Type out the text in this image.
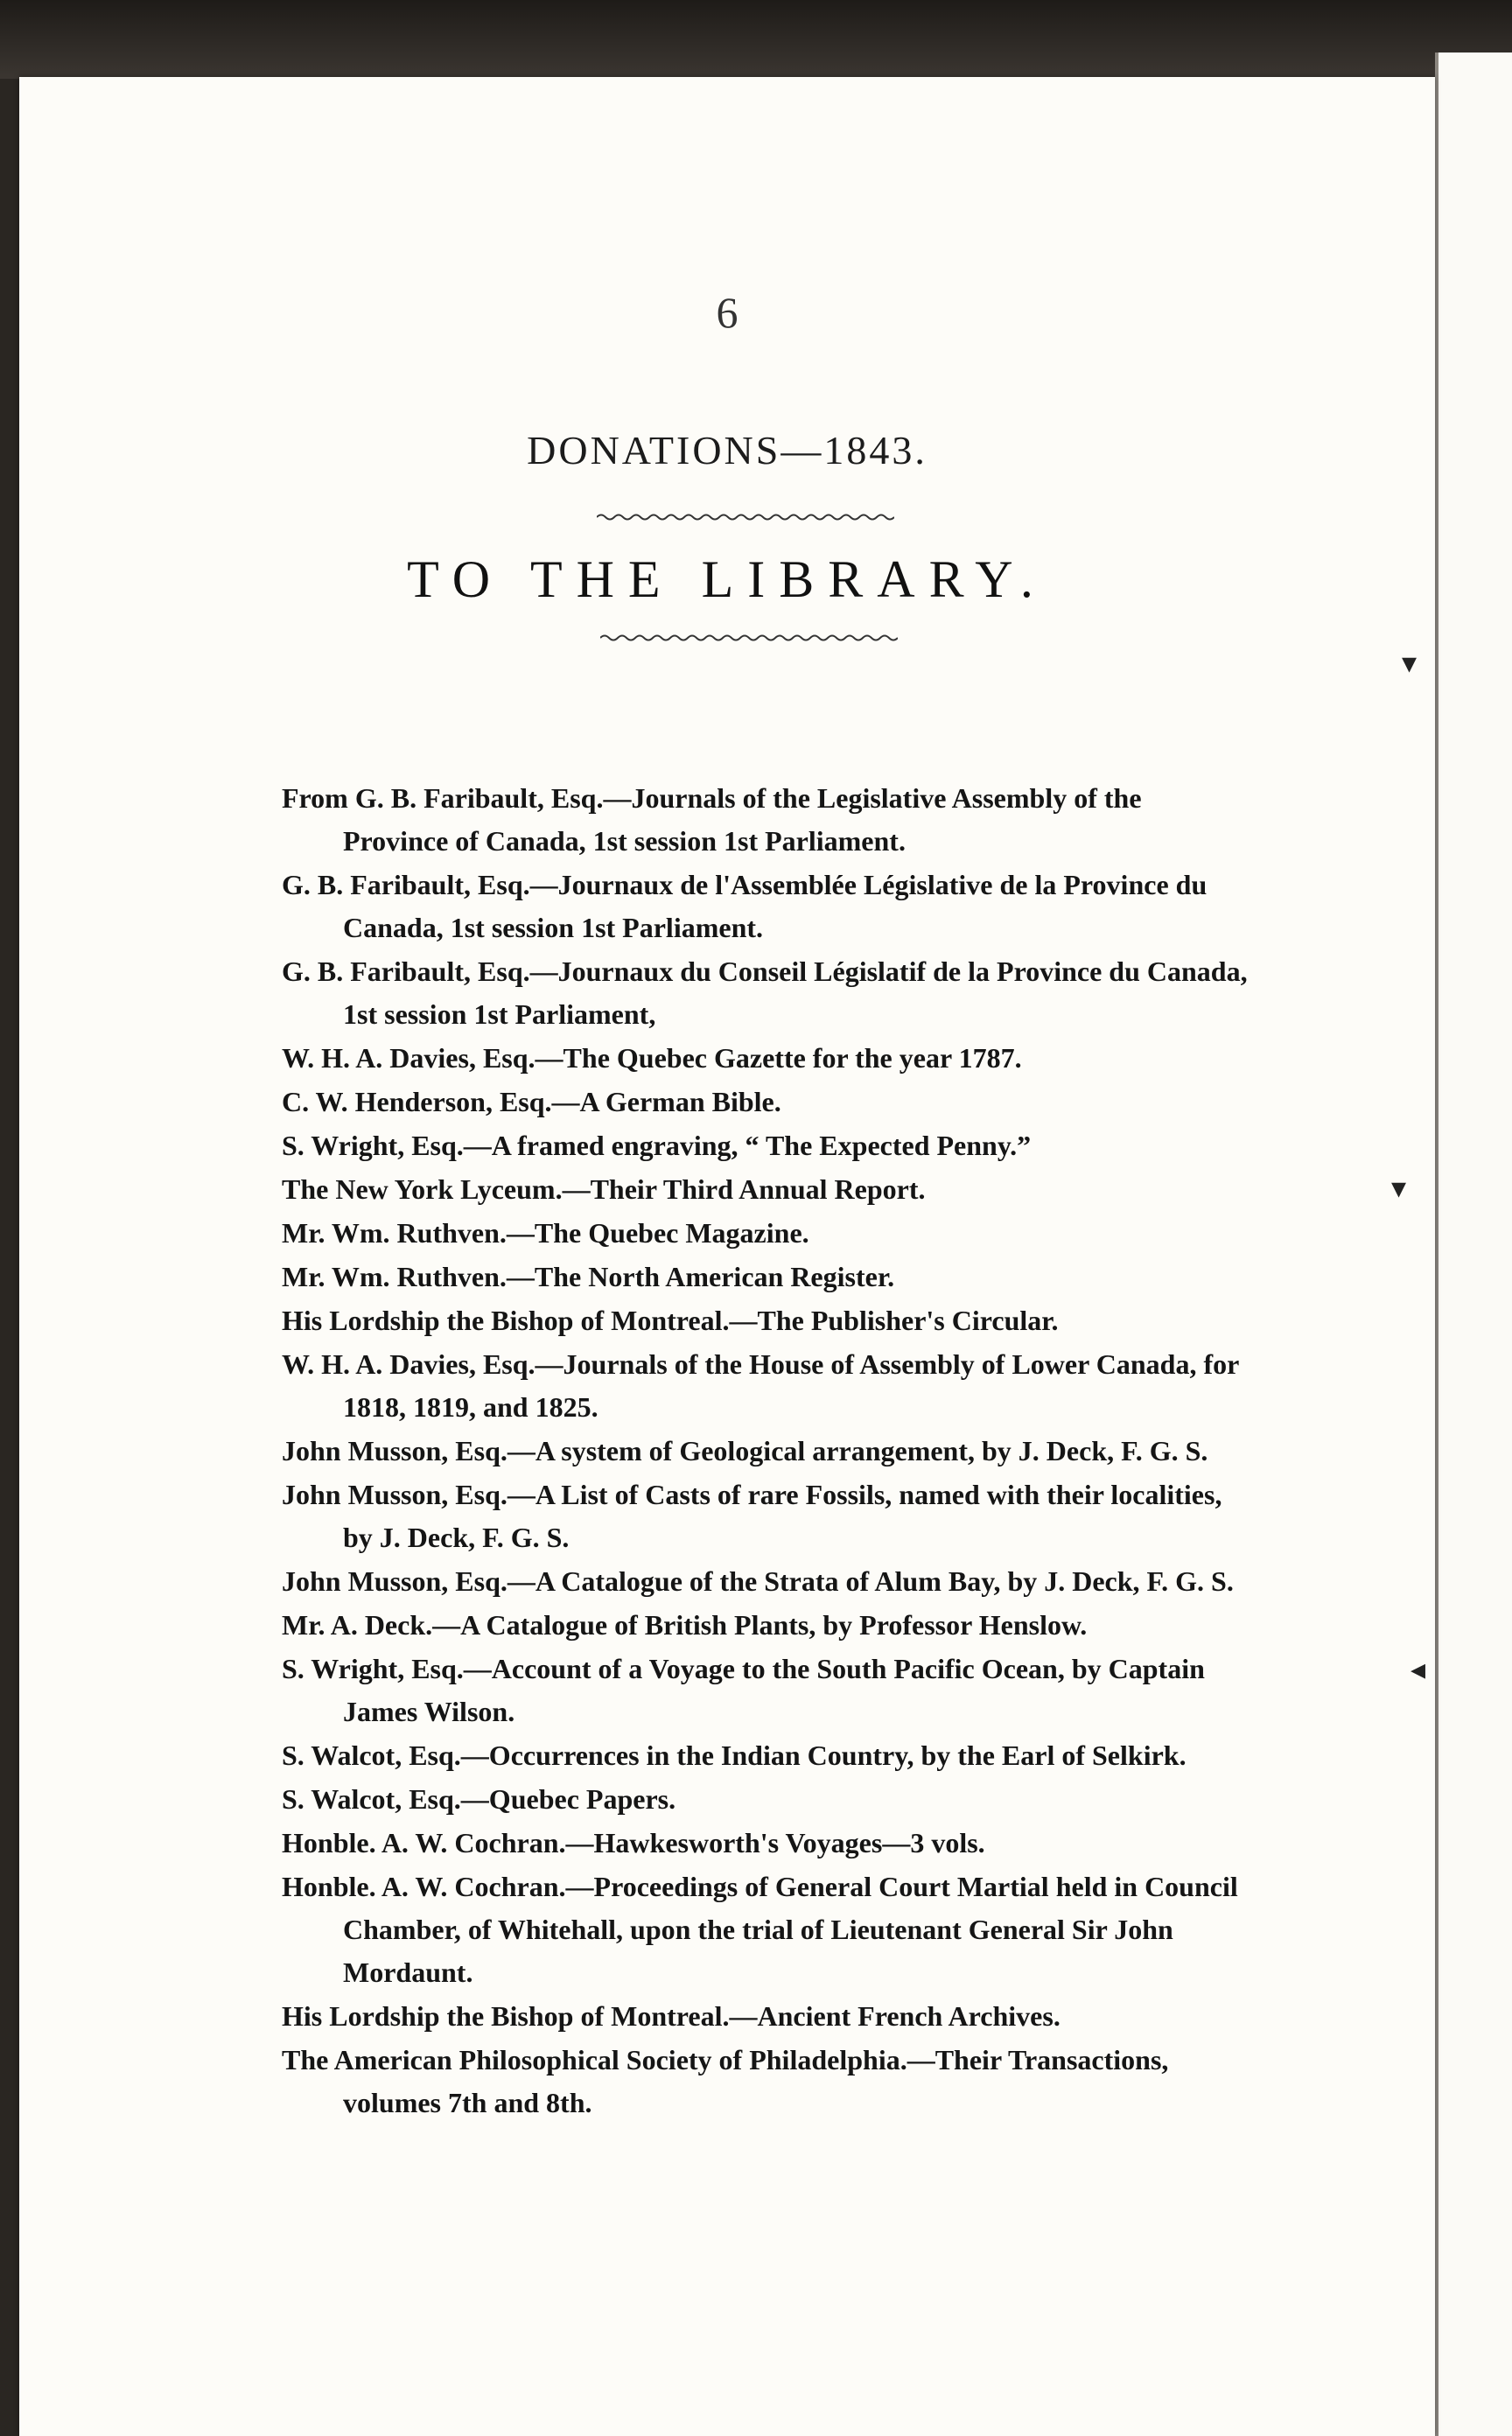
6
DONATIONS—1843.
TO THE LIBRARY.

From G. B. Faribault, Esq.—Journals of the Legislative Assembly of the Province of Canada, 1st session 1st Parliament.

G. B. Faribault, Esq.—Journaux de l'Assemblée Législative de la Province du Canada, 1st session 1st Parliament.

G. B. Faribault, Esq.—Journaux du Conseil Législatif de la Province du Canada, 1st session 1st Parliament,

W. H. A. Davies, Esq.—The Quebec Gazette for the year 1787.

C. W. Henderson, Esq.—A German Bible.

S. Wright, Esq.—A framed engraving, “ The Expected Penny.”

The New York Lyceum.—Their Third Annual Report.

Mr. Wm. Ruthven.—The Quebec Magazine.

Mr. Wm. Ruthven.—The North American Register.

His Lordship the Bishop of Montreal.—The Publisher's Circular.

W. H. A. Davies, Esq.—Journals of the House of Assembly of Lower Canada, for 1818, 1819, and 1825.

John Musson, Esq.—A system of Geological arrangement, by J. Deck, F. G. S.

John Musson, Esq.—A List of Casts of rare Fossils, named with their localities, by J. Deck, F. G. S.

John Musson, Esq.—A Catalogue of the Strata of Alum Bay, by J. Deck, F. G. S.

Mr. A. Deck.—A Catalogue of British Plants, by Professor Henslow.

S. Wright, Esq.—Account of a Voyage to the South Pacific Ocean, by Captain James Wilson.

S. Walcot, Esq.—Occurrences in the Indian Country, by the Earl of Selkirk.

S. Walcot, Esq.—Quebec Papers.

Honble. A. W. Cochran.—Hawkesworth's Voyages—3 vols.

Honble. A. W. Cochran.—Proceedings of General Court Martial held in Council Chamber, of Whitehall, upon the trial of Lieutenant General Sir John Mordaunt.

His Lordship the Bishop of Montreal.—Ancient French Archives.

The American Philosophical Society of Philadelphia.—Their Transactions, volumes 7th and 8th.

▾
▾
◂
